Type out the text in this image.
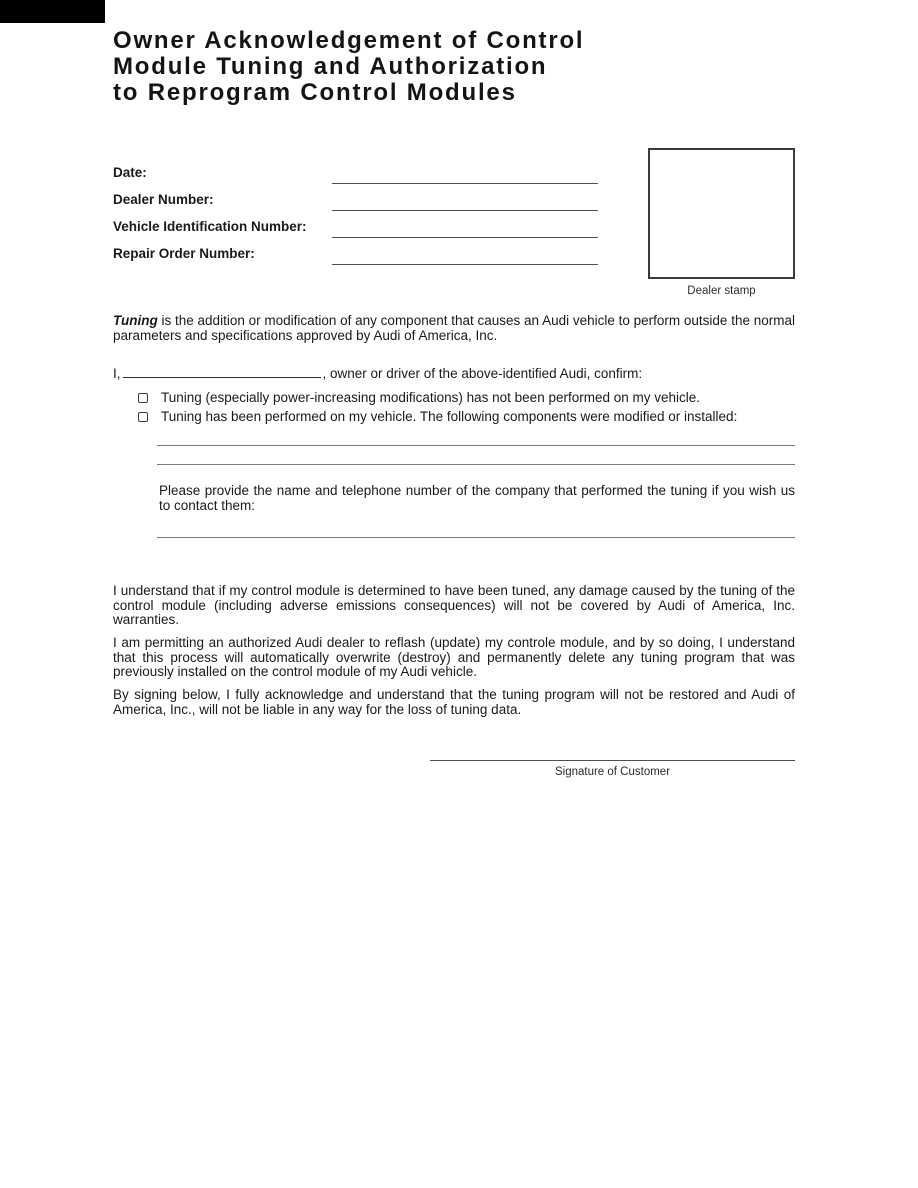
Owner Acknowledgement of Control
Module Tuning and Authorization
to Reprogram Control Modules
Date:
Dealer Number:
Vehicle Identification Number:
Repair Order Number:
Dealer stamp
Tuning is the addition or modification of any component that causes an Audi vehicle to perform outside the normal parameters and specifications approved by Audi of America, Inc.
I,	, owner or driver of the above-identified Audi, confirm:
Tuning (especially power-increasing modifications) has not been performed on my vehicle.
Tuning has been performed on my vehicle. The following components were modified or installed:
Please provide the name and telephone number of the company that performed the tuning if you wish us to contact them:
I understand that if my control module is determined to have been tuned, any damage caused by the tuning of the control module (including adverse emissions consequences) will not be covered by Audi of America, Inc. warranties.
I am permitting an authorized Audi dealer to reflash (update) my controle module, and by so doing, I understand that this process will automatically overwrite (destroy) and permanently delete any tuning program that was previously installed on the control module of my Audi vehicle.
By signing below, I fully acknowledge and understand that the tuning program will not be restored and Audi of America, Inc., will not be liable in any way for the loss of tuning data.
Signature of Customer
